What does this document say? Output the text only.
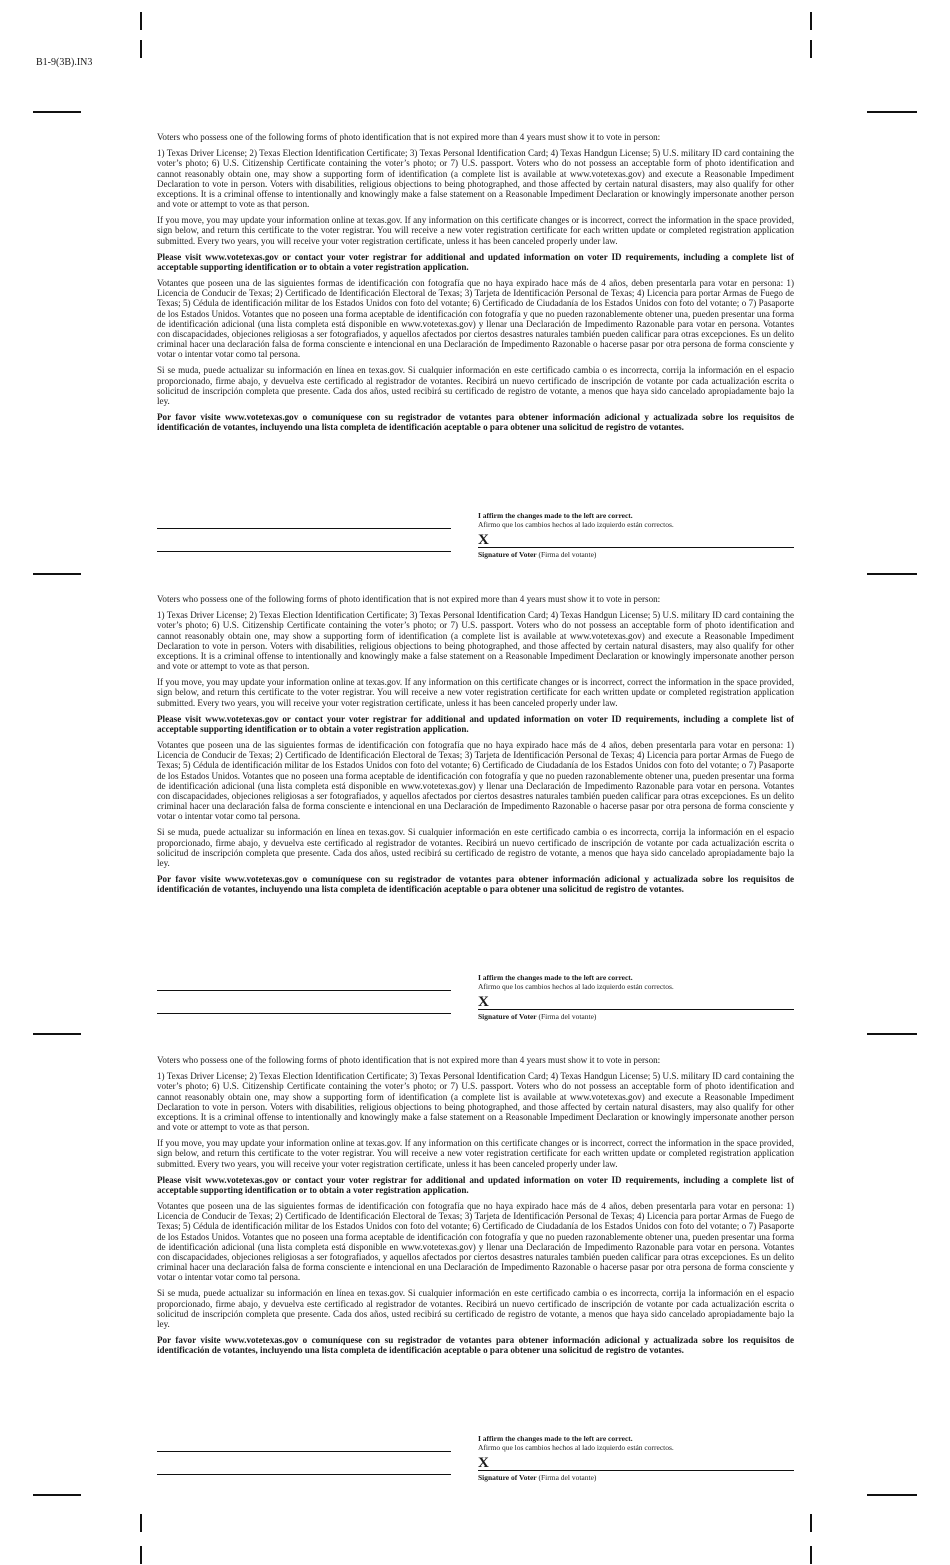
B1-9(3B).IN3

Voters who possess one of the following forms of photo identification that is not expired more than 4 years must show it to vote in person:

1) Texas Driver License; 2) Texas Election Identification Certificate; 3) Texas Personal Identification Card; 4) Texas Handgun License; 5) U.S. military ID card containing the voter’s photo; 6) U.S. Citizenship Certificate containing the voter’s photo; or 7) U.S. passport. Voters who do not possess an acceptable form of photo identification and cannot reasonably obtain one, may show a supporting form of identification (a complete list is available at www.votetexas.gov) and execute a Reasonable Impediment Declaration to vote in person. Voters with disabilities, religious objections to being photographed, and those affected by certain natural disasters, may also qualify for other exceptions. It is a criminal offense to intentionally and knowingly make a false statement on a Reasonable Impediment Declaration or knowingly impersonate another person and vote or attempt to vote as that person.

If you move, you may update your information online at texas.gov. If any information on this certificate changes or is incorrect, correct the information in the space provided, sign below, and return this certificate to the voter registrar. You will receive a new voter registration certificate for each written update or completed registration application submitted. Every two years, you will receive your voter registration certificate, unless it has been canceled properly under law.

Please visit www.votetexas.gov or contact your voter registrar for additional and updated information on voter ID requirements, including a complete list of acceptable supporting identification or to obtain a voter registration application.

Votantes que poseen una de las siguientes formas de identificación con fotografía que no haya expirado hace más de 4 años, deben presentarla para votar en persona: 1) Licencia de Conducir de Texas; 2) Certificado de Identificación Electoral de Texas; 3) Tarjeta de Identificación Personal de Texas; 4) Licencia para portar Armas de Fuego de Texas; 5) Cédula de identificación militar de los Estados Unidos con foto del votante; 6) Certificado de Ciudadanía de los Estados Unidos con foto del votante; o 7) Pasaporte de los Estados Unidos. Votantes que no poseen una forma aceptable de identificación con fotografía y que no pueden razonablemente obtener una, pueden presentar una forma de identificación adicional (una lista completa está disponible en www.votetexas.gov) y llenar una Declaración de Impedimento Razonable para votar en persona. Votantes con discapacidades, objeciones religiosas a ser fotografiados, y aquellos afectados por ciertos desastres naturales también pueden calificar para otras excepciones. Es un delito criminal hacer una declaración falsa de forma consciente e intencional en una Declaración de Impedimento Razonable o hacerse pasar por otra persona de forma consciente y votar o intentar votar como tal persona.

Si se muda, puede actualizar su información en línea en texas.gov. Si cualquier información en este certificado cambia o es incorrecta, corrija la información en el espacio proporcionado, firme abajo, y devuelva este certificado al registrador de votantes. Recibirá un nuevo certificado de inscripción de votante por cada actualización escrita o solicitud de inscripción completa que presente. Cada dos años, usted recibirá su certificado de registro de votante, a menos que haya sido cancelado apropiadamente bajo la ley.

Por favor visite www.votetexas.gov o comuníquese con su registrador de votantes para obtener información adicional y actualizada sobre los requisitos de identificación de votantes, incluyendo una lista completa de identificación aceptable o para obtener una solicitud de registro de votantes.

I affirm the changes made to the left are correct.
Afirmo que los cambios hechos al lado izquierdo están correctos.
X
Signature of Voter (Firma del votante)

Voters who possess one of the following forms of photo identification that is not expired more than 4 years must show it to vote in person:

1) Texas Driver License; 2) Texas Election Identification Certificate; 3) Texas Personal Identification Card; 4) Texas Handgun License; 5) U.S. military ID card containing the voter’s photo; 6) U.S. Citizenship Certificate containing the voter’s photo; or 7) U.S. passport. Voters who do not possess an acceptable form of photo identification and cannot reasonably obtain one, may show a supporting form of identification (a complete list is available at www.votetexas.gov) and execute a Reasonable Impediment Declaration to vote in person. Voters with disabilities, religious objections to being photographed, and those affected by certain natural disasters, may also qualify for other exceptions. It is a criminal offense to intentionally and knowingly make a false statement on a Reasonable Impediment Declaration or knowingly impersonate another person and vote or attempt to vote as that person.

If you move, you may update your information online at texas.gov. If any information on this certificate changes or is incorrect, correct the information in the space provided, sign below, and return this certificate to the voter registrar. You will receive a new voter registration certificate for each written update or completed registration application submitted. Every two years, you will receive your voter registration certificate, unless it has been canceled properly under law.

Please visit www.votetexas.gov or contact your voter registrar for additional and updated information on voter ID requirements, including a complete list of acceptable supporting identification or to obtain a voter registration application.

Votantes que poseen una de las siguientes formas de identificación con fotografía que no haya expirado hace más de 4 años, deben presentarla para votar en persona: 1) Licencia de Conducir de Texas; 2) Certificado de Identificación Electoral de Texas; 3) Tarjeta de Identificación Personal de Texas; 4) Licencia para portar Armas de Fuego de Texas; 5) Cédula de identificación militar de los Estados Unidos con foto del votante; 6) Certificado de Ciudadanía de los Estados Unidos con foto del votante; o 7) Pasaporte de los Estados Unidos. Votantes que no poseen una forma aceptable de identificación con fotografía y que no pueden razonablemente obtener una, pueden presentar una forma de identificación adicional (una lista completa está disponible en www.votetexas.gov) y llenar una Declaración de Impedimento Razonable para votar en persona. Votantes con discapacidades, objeciones religiosas a ser fotografiados, y aquellos afectados por ciertos desastres naturales también pueden calificar para otras excepciones. Es un delito criminal hacer una declaración falsa de forma consciente e intencional en una Declaración de Impedimento Razonable o hacerse pasar por otra persona de forma consciente y votar o intentar votar como tal persona.

Si se muda, puede actualizar su información en línea en texas.gov. Si cualquier información en este certificado cambia o es incorrecta, corrija la información en el espacio proporcionado, firme abajo, y devuelva este certificado al registrador de votantes. Recibirá un nuevo certificado de inscripción de votante por cada actualización escrita o solicitud de inscripción completa que presente. Cada dos años, usted recibirá su certificado de registro de votante, a menos que haya sido cancelado apropiadamente bajo la ley.

Por favor visite www.votetexas.gov o comuníquese con su registrador de votantes para obtener información adicional y actualizada sobre los requisitos de identificación de votantes, incluyendo una lista completa de identificación aceptable o para obtener una solicitud de registro de votantes.

I affirm the changes made to the left are correct.
Afirmo que los cambios hechos al lado izquierdo están correctos.
X
Signature of Voter (Firma del votante)

Voters who possess one of the following forms of photo identification that is not expired more than 4 years must show it to vote in person:

1) Texas Driver License; 2) Texas Election Identification Certificate; 3) Texas Personal Identification Card; 4) Texas Handgun License; 5) U.S. military ID card containing the voter’s photo; 6) U.S. Citizenship Certificate containing the voter’s photo; or 7) U.S. passport. Voters who do not possess an acceptable form of photo identification and cannot reasonably obtain one, may show a supporting form of identification (a complete list is available at www.votetexas.gov) and execute a Reasonable Impediment Declaration to vote in person. Voters with disabilities, religious objections to being photographed, and those affected by certain natural disasters, may also qualify for other exceptions. It is a criminal offense to intentionally and knowingly make a false statement on a Reasonable Impediment Declaration or knowingly impersonate another person and vote or attempt to vote as that person.

If you move, you may update your information online at texas.gov. If any information on this certificate changes or is incorrect, correct the information in the space provided, sign below, and return this certificate to the voter registrar. You will receive a new voter registration certificate for each written update or completed registration application submitted. Every two years, you will receive your voter registration certificate, unless it has been canceled properly under law.

Please visit www.votetexas.gov or contact your voter registrar for additional and updated information on voter ID requirements, including a complete list of acceptable supporting identification or to obtain a voter registration application.

Votantes que poseen una de las siguientes formas de identificación con fotografía que no haya expirado hace más de 4 años, deben presentarla para votar en persona: 1) Licencia de Conducir de Texas; 2) Certificado de Identificación Electoral de Texas; 3) Tarjeta de Identificación Personal de Texas; 4) Licencia para portar Armas de Fuego de Texas; 5) Cédula de identificación militar de los Estados Unidos con foto del votante; 6) Certificado de Ciudadanía de los Estados Unidos con foto del votante; o 7) Pasaporte de los Estados Unidos. Votantes que no poseen una forma aceptable de identificación con fotografía y que no pueden razonablemente obtener una, pueden presentar una forma de identificación adicional (una lista completa está disponible en www.votetexas.gov) y llenar una Declaración de Impedimento Razonable para votar en persona. Votantes con discapacidades, objeciones religiosas a ser fotografiados, y aquellos afectados por ciertos desastres naturales también pueden calificar para otras excepciones. Es un delito criminal hacer una declaración falsa de forma consciente e intencional en una Declaración de Impedimento Razonable o hacerse pasar por otra persona de forma consciente y votar o intentar votar como tal persona.

Si se muda, puede actualizar su información en línea en texas.gov. Si cualquier información en este certificado cambia o es incorrecta, corrija la información en el espacio proporcionado, firme abajo, y devuelva este certificado al registrador de votantes. Recibirá un nuevo certificado de inscripción de votante por cada actualización escrita o solicitud de inscripción completa que presente. Cada dos años, usted recibirá su certificado de registro de votante, a menos que haya sido cancelado apropiadamente bajo la ley.

Por favor visite www.votetexas.gov o comuníquese con su registrador de votantes para obtener información adicional y actualizada sobre los requisitos de identificación de votantes, incluyendo una lista completa de identificación aceptable o para obtener una solicitud de registro de votantes.

I affirm the changes made to the left are correct.
Afirmo que los cambios hechos al lado izquierdo están correctos.
X
Signature of Voter (Firma del votante)
